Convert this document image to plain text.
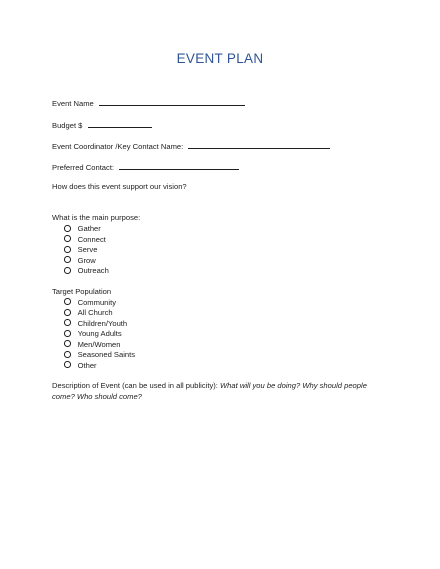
EVENT PLAN
Event Name
Budget $
Event Coordinator /Key Contact Name:
Preferred Contact:
How does this event support our vision?
What is the main purpose:
Gather
Connect
Serve
Grow
Outreach
Target Population
Community
All Church
Children/Youth
Young Adults
Men/Women
Seasoned Saints
Other
Description of Event (can be used in all publicity): What will you be doing? Why should people
come? Who should come?
